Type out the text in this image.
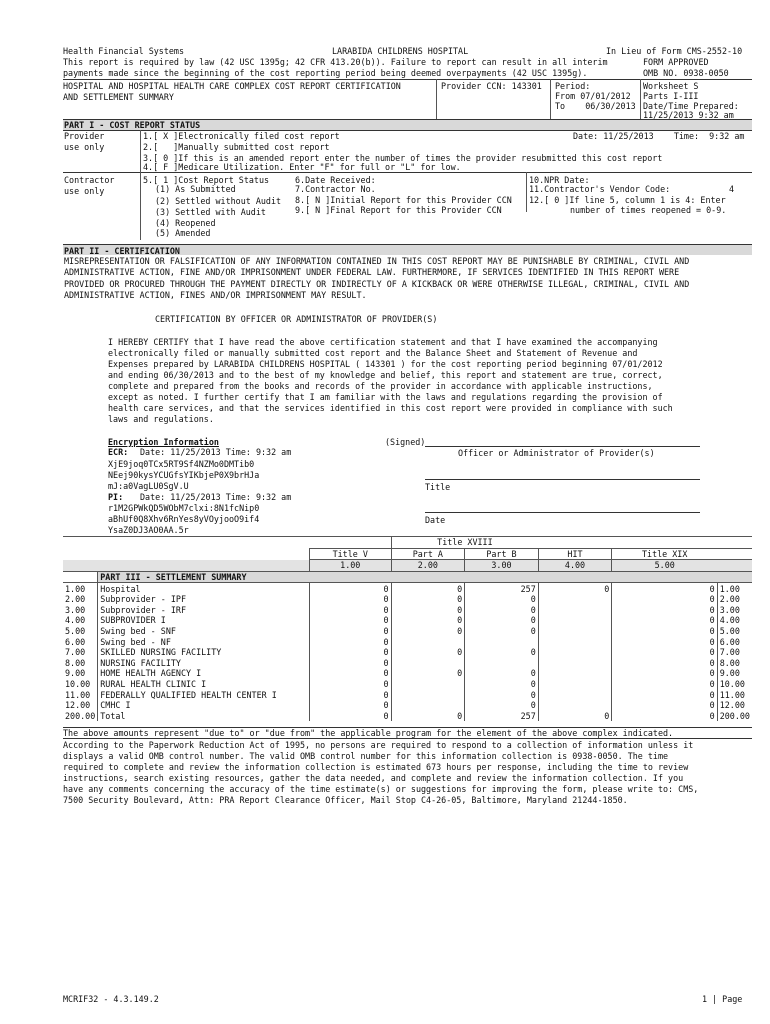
Health Financial Systems	LARABIDA CHILDRENS HOSPITAL	In Lieu of Form CMS-2552-10
This report is required by law (42 USC 1395g; 42 CFR 413.20(b)). Failure to report can result in all interim	FORM APPROVED
payments made since the beginning of the cost reporting period being deemed overpayments (42 USC 1395g).	OMB NO. 0938-0050
HOSPITAL AND HOSPITAL HEALTH CARE COMPLEX COST REPORT CERTIFICATION
AND SETTLEMENT SUMMARY
Provider CCN: 143301 Period:
From 07/01/2012
To    06/30/2013
Worksheet S
Parts I-III
Date/Time Prepared:
11/25/2013 9:32 am
PART I - COST REPORT STATUS
Provider
use only
1.[ X ]Electronically filed cost report	Date: 11/25/2013    Time:  9:32 am
2.[   ]Manually submitted cost report
3.[ 0 ]If this is an amended report enter the number of times the provider resubmitted this cost report
4.[ F ]Medicare Utilization. Enter "F" for full or "L" for low.
Contractor
use only
5.[ 1 ]Cost Report Status
(1) As Submitted
(2) Settled without Audit
(3) Settled with Audit
(4) Reopened
(5) Amended
6.Date Received:
7.Contractor No.
8.[ N ]Initial Report for this Provider CCN
9.[ N ]Final Report for this Provider CCN
10.NPR Date:
11.Contractor's Vendor Code:	4
12.[ 0 ]If line 5, column 1 is 4: Enter
number of times reopened = 0-9.
PART II - CERTIFICATION
MISREPRESENTATION OR FALSIFICATION OF ANY INFORMATION CONTAINED IN THIS COST REPORT MAY BE PUNISHABLE BY CRIMINAL, CIVIL AND
ADMINISTRATIVE ACTION, FINE AND/OR IMPRISONMENT UNDER FEDERAL LAW. FURTHERMORE, IF SERVICES IDENTIFIED IN THIS REPORT WERE
PROVIDED OR PROCURED THROUGH THE PAYMENT DIRECTLY OR INDIRECTLY OF A KICKBACK OR WERE OTHERWISE ILLEGAL, CRIMINAL, CIVIL AND
ADMINISTRATIVE ACTION, FINES AND/OR IMPRISONMENT MAY RESULT.
CERTIFICATION BY OFFICER OR ADMINISTRATOR OF PROVIDER(S)
I HEREBY CERTIFY that I have read the above certification statement and that I have examined the accompanying
electronically filed or manually submitted cost report and the Balance Sheet and Statement of Revenue and
Expenses prepared by LARABIDA CHILDRENS HOSPITAL ( 143301 ) for the cost reporting period beginning 07/01/2012
and ending 06/30/2013 and to the best of my knowledge and belief, this report and statement are true, correct,
complete and prepared from the books and records of the provider in accordance with applicable instructions,
except as noted. I further certify that I am familiar with the laws and regulations regarding the provision of
health care services, and that the services identified in this cost report were provided in compliance with such
laws and regulations.
Encryption Information
ECR: Date: 11/25/2013 Time: 9:32 am
XjE9joq0TCx5RT9Sf4NZMo0DMTib0
NEej90kysYCUGfsYIKbjeP0X9brHJa
mJ:a0VagLU0SgV.U
PI: Date: 11/25/2013 Time: 9:32 am
r1M2GPWkQD5WObM7clxi:8N1fcNip0
aBhUf0Q8Xhv6RnYes8yVOyjooO9if4
YsaZ0DJ3AO0AA.5r
(Signed)
Officer or Administrator of Provider(s)
Title
Date
			Title XVIII				
		Title V	Part A	Part B	HIT	Title XIX	
		1.00	2.00	3.00	4.00	5.00	
	PART III - SETTLEMENT SUMMARY						
1.00	Hospital	0	0	257	0	0	1.00
2.00	Subprovider - IPF	0	0	0		0	2.00
3.00	Subprovider - IRF	0	0	0		0	3.00
4.00	SUBPROVIDER I	0	0	0		0	4.00
5.00	Swing bed - SNF	0	0	0		0	5.00
6.00	Swing bed - NF	0				0	6.00
7.00	SKILLED NURSING FACILITY	0	0	0		0	7.00
8.00	NURSING FACILITY	0				0	8.00
9.00	HOME HEALTH AGENCY I	0	0	0		0	9.00
10.00	RURAL HEALTH CLINIC I	0		0		0	10.00
11.00	FEDERALLY QUALIFIED HEALTH CENTER I	0		0		0	11.00
12.00	CMHC I	0		0		0	12.00
200.00	Total	0	0	257	0	0	200.00
The above amounts represent "due to" or "due from" the applicable program for the element of the above complex indicated.
According to the Paperwork Reduction Act of 1995, no persons are required to respond to a collection of information unless it
displays a valid OMB control number. The valid OMB control number for this information collection is 0938-0050. The time
required to complete and review the information collection is estimated 673 hours per response, including the time to review
instructions, search existing resources, gather the data needed, and complete and review the information collection. If you
have any comments concerning the accuracy of the time estimate(s) or suggestions for improving the form, please write to: CMS,
7500 Security Boulevard, Attn: PRA Report Clearance Officer, Mail Stop C4-26-05, Baltimore, Maryland 21244-1850.
MCRIF32 - 4.3.149.2	1 | Page
